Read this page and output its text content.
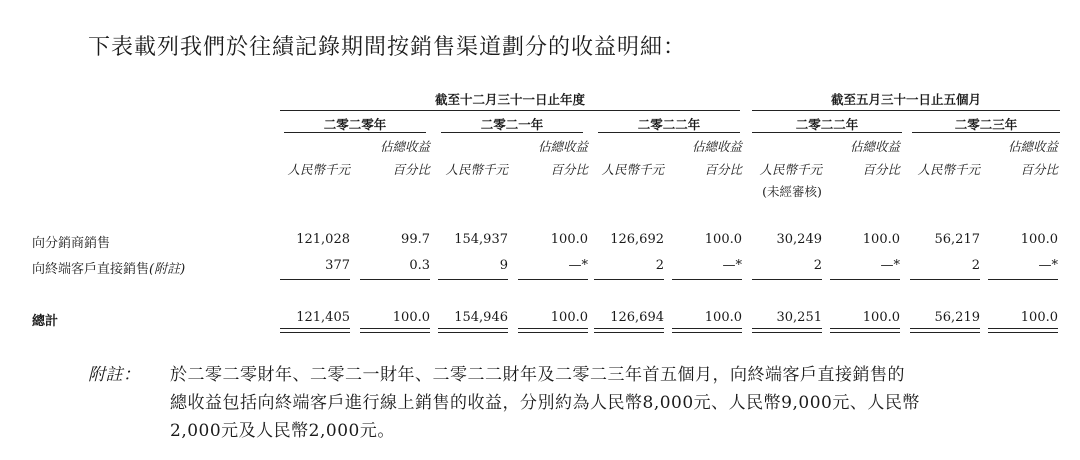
下表載列我們於往績記錄期間按銷售渠道劃分的收益明細：
截至十二月三十一日止年度	截至五月三十一日止五個月
二零二零年	二零二一年	二零二二年	二零二二年	二零二三年
佔總收益	佔總收益	佔總收益	佔總收益	佔總收益
人民幣千元	百分比	人民幣千元	百分比	人民幣千元	百分比	人民幣千元	百分比	人民幣千元	百分比
(未經審核)
向分銷商銷售	121,028	99.7	154,937	100.0	126,692	100.0	30,249	100.0	56,217	100.0
向終端客戶直接銷售(附註)	377	0.3	9	—*	2	—*	2	—*	2	—*
總計	121,405	100.0	154,946	100.0	126,694	100.0	30,251	100.0	56,219	100.0
附註： 於二零二零財年、二零二一財年、二零二二財年及二零二三年首五個月，向終端客戶直接銷售的
總收益包括向終端客戶進行線上銷售的收益，分別約為人民幣8,000元、人民幣9,000元、人民幣
2,000元及人民幣2,000元。
